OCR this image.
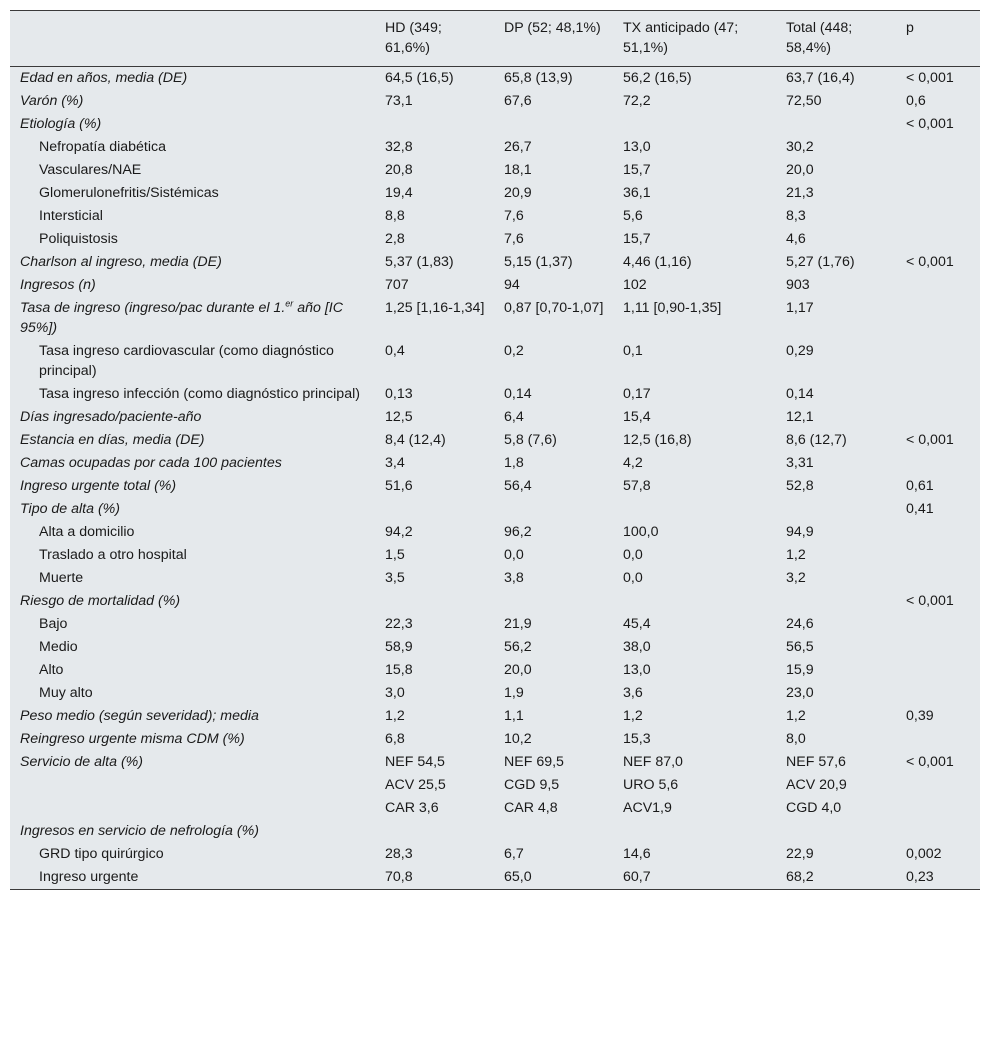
	HD (349; 61,6%)	DP (52; 48,1%)	TX anticipado (47; 51,1%)	Total (448; 58,4%)	p
Edad en años, media (DE)	64,5 (16,5)	65,8 (13,9)	56,2 (16,5)	63,7 (16,4)	< 0,001
Varón (%)	73,1	67,6	72,2	72,50	0,6
Etiología (%)					< 0,001
Nefropatía diabética	32,8	26,7	13,0	30,2	
Vasculares/NAE	20,8	18,1	15,7	20,0	
Glomerulonefritis/Sistémicas	19,4	20,9	36,1	21,3	
Intersticial	8,8	7,6	5,6	8,3	
Poliquistosis	2,8	7,6	15,7	4,6	
Charlson al ingreso, media (DE)	5,37 (1,83)	5,15 (1,37)	4,46 (1,16)	5,27 (1,76)	< 0,001
Ingresos (n)	707	94	102	903	
Tasa de ingreso (ingreso/pac durante el 1.$^{er}$ año [IC 95%])	1,25 [1,16-1,34]	0,87 [0,70-1,07]	1,11 [0,90-1,35]	1,17	
Tasa ingreso cardiovascular (como diagnóstico principal)	0,4	0,2	0,1	0,29	
Tasa ingreso infección (como diagnóstico principal)	0,13	0,14	0,17	0,14	
Días ingresado/paciente-año	12,5	6,4	15,4	12,1	
Estancia en días, media (DE)	8,4 (12,4)	5,8 (7,6)	12,5 (16,8)	8,6 (12,7)	< 0,001
Camas ocupadas por cada 100 pacientes	3,4	1,8	4,2	3,31	
Ingreso urgente total (%)	51,6	56,4	57,8	52,8	0,61
Tipo de alta (%)					0,41
Alta a domicilio	94,2	96,2	100,0	94,9	
Traslado a otro hospital	1,5	0,0	0,0	1,2	
Muerte	3,5	3,8	0,0	3,2	
Riesgo de mortalidad (%)					< 0,001
Bajo	22,3	21,9	45,4	24,6	
Medio	58,9	56,2	38,0	56,5	
Alto	15,8	20,0	13,0	15,9	
Muy alto	3,0	1,9	3,6	23,0	
Peso medio (según severidad); media	1,2	1,1	1,2	1,2	0,39
Reingreso urgente misma CDM (%)	6,8	10,2	15,3	8,0	
Servicio de alta (%)	NEF 54,5	NEF 69,5	NEF 87,0	NEF 57,6	< 0,001
	ACV 25,5	CGD 9,5	URO 5,6	ACV 20,9	
	CAR 3,6	CAR 4,8	ACV1,9	CGD 4,0	
Ingresos en servicio de nefrología (%)					
GRD tipo quirúrgico	28,3	6,7	14,6	22,9	0,002
Ingreso urgente	70,8	65,0	60,7	68,2	0,23
